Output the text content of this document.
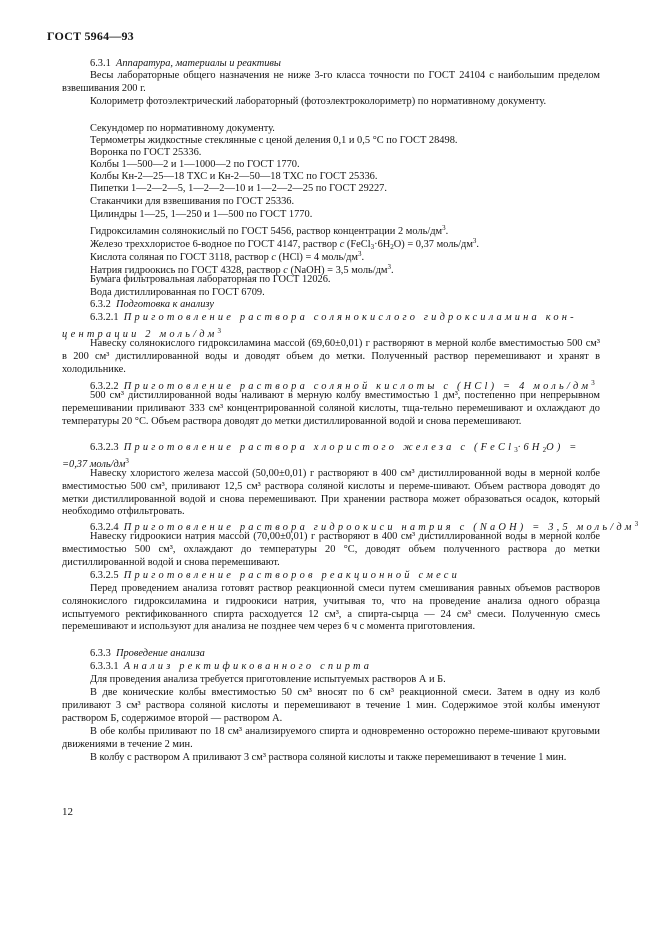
ГОСТ 5964—93
6.3.1 Аппаратура, материалы и реактивы
Весы лабораторные общего назначения не ниже 3-го класса точности по ГОСТ 24104 с наибольшим пределом взвешивания 200 г.
Колориметр фотоэлектрический лабораторный (фотоэлектроколориметр) по нормативному документу.
Секундомер по нормативному документу.
Термометры жидкостные стеклянные с ценой деления 0,1 и 0,5 °С по ГОСТ 28498.
Воронка по ГОСТ 25336.
Колбы 1—500—2 и 1—1000—2 по ГОСТ 1770.
Колбы Кн-2—25—18 ТХС и Кн-2—50—18 ТХС по ГОСТ 25336.
Пипетки 1—2—2—5, 1—2—2—10 и 1—2—2—25 по ГОСТ 29227.
Стаканчики для взвешивания по ГОСТ 25336.
Цилиндры 1—25, 1—250 и 1—500 по ГОСТ 1770.
Гидроксиламин солянокислый по ГОСТ 5456, раствор концентрации 2 моль/$дм^3$.
Железо треххлористое 6-водное по ГОСТ 4147, раствор с $(FeCl_3\cdot 6H_2O) = 0,37$ моль/$дм^3$.
Кислота соляная по ГОСТ 3118, раствор с (HCl) = 4 моль/$дм^3$.
Натрия гидроокись по ГОСТ 4328, раствор с (NaOH) = 3,5 моль/$дм^3$.
Бумага фильтровальная лабораторная по ГОСТ 12026.
Вода дистиллированная по ГОСТ 6709.
6.3.2 Подготовка к анализу
6.3.2.1 Приготовление раствора солянокислого гидроксиламина кон-
центрации 2 моль/$дм^3$
Навеску солянокислого гидроксиламина массой (69,60±0,01) г растворяют в мерной колбе вместимостью 500 см³ в 200 см³ дистиллированной воды и доводят объем до метки. Полученный раствор перемешивают и хранят в холодильнике.
6.3.2.2 Приготовление раствора соляной кислоты с (HCl) = 4 моль/$дм^3$
500 см³ дистиллированной воды наливают в мерную колбу вместимостью 1 дм³, постепенно при непрерывном перемешивании приливают 333 см³ концентрированной соляной кислоты, тща-тельно перемешивают и охлаждают до температуры 20 °С. Объем раствора доводят до метки дистиллированной водой и снова перемешивают.
6.3.2.3 Приготовление раствора хлористого железа с $(FeCl_3\cdot 6H_2O)$ =
=0,37 моль/$дм^3$
Навеску хлористого железа массой (50,00±0,01) г растворяют в 400 см³ дистиллированной воды в мерной колбе вместимостью 500 см³, приливают 12,5 см³ раствора соляной кислоты и переме-шивают. Объем раствора доводят до метки дистиллированной водой и снова перемешивают. При хранении раствора может образоваться осадок, который необходимо отфильтровать.
6.3.2.4 Приготовление раствора гидроокиси натрия с (NaOH) = 3,5 моль/$дм^3$
Навеску гидроокиси натрия массой (70,00±0,01) г растворяют в 400 см³ дистиллированной воды в мерной колбе вместимостью 500 см³, охлаждают до температуры 20 °С, доводят объем полученного раствора до метки дистиллированной водой и снова перемешивают.
6.3.2.5 Приготовление растворов реакционной смеси
Перед проведением анализа готовят раствор реакционной смеси путем смешивания равных объемов растворов солянокислого гидроксиламина и гидроокиси натрия, учитывая то, что на проведение анализа одного образца испытуемого ректификованного спирта расходуется 12 см³, а спирта-сырца — 24 см³ смеси. Полученную смесь перемешивают и используют для анализа не позднее чем через 6 ч с момента приготовления.
6.3.3 Проведение анализа
6.3.3.1 Анализ ректификованного спирта
Для проведения анализа требуется приготовление испытуемых растворов А и Б.
В две конические колбы вместимостью 50 см³ вносят по 6 см³ реакционной смеси. Затем в одну из колб приливают 3 см³ раствора соляной кислоты и перемешивают в течение 1 мин. Содержимое этой колбы именуют раствором Б, содержимое второй — раствором А.
В обе колбы приливают по 18 см³ анализируемого спирта и одновременно осторожно переме-шивают круговыми движениями в течение 2 мин.
В колбу с раствором А приливают 3 см³ раствора соляной кислоты и также перемешивают в течение 1 мин.
12
